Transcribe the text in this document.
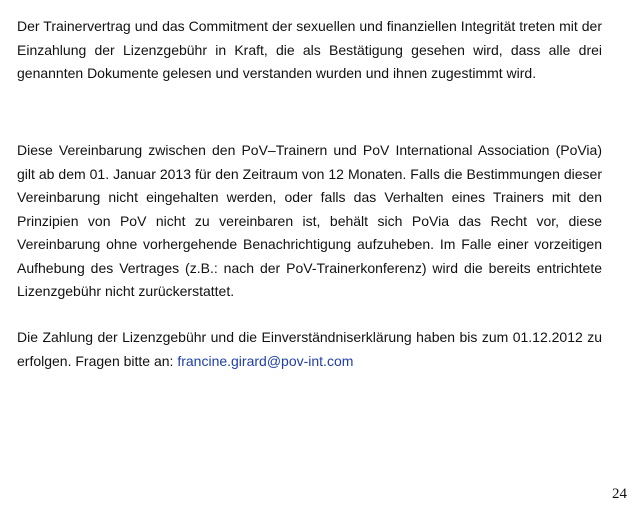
Der Trainervertrag und das Commitment der sexuellen und finanziellen Integrität treten mit der Einzahlung der Lizenzgebühr in Kraft, die als Bestätigung gesehen wird, dass alle drei genannten Dokumente gelesen und verstanden wurden und ihnen zugestimmt wird.

Diese Vereinbarung zwischen den PoV–Trainern und PoV International Association (PoVia) gilt ab dem 01. Januar 2013 für den Zeitraum von 12 Monaten. Falls die Bestimmungen dieser Vereinbarung nicht eingehalten werden, oder falls das Verhalten eines Trainers mit den Prinzipien von PoV nicht zu vereinbaren ist, behält sich PoVia das Recht vor, diese Vereinbarung ohne vorhergehende Benachrichtigung aufzuheben. Im Falle einer vorzeitigen Aufhebung des Vertrages (z.B.: nach der PoV-Trainerkonferenz) wird die bereits entrichtete Lizenzgebühr nicht zurückerstattet.

Die Zahlung der Lizenzgebühr und die Einverständniserklärung haben bis zum 01.12.2012 zu erfolgen. Fragen bitte an: francine.girard@pov-int.com

24
